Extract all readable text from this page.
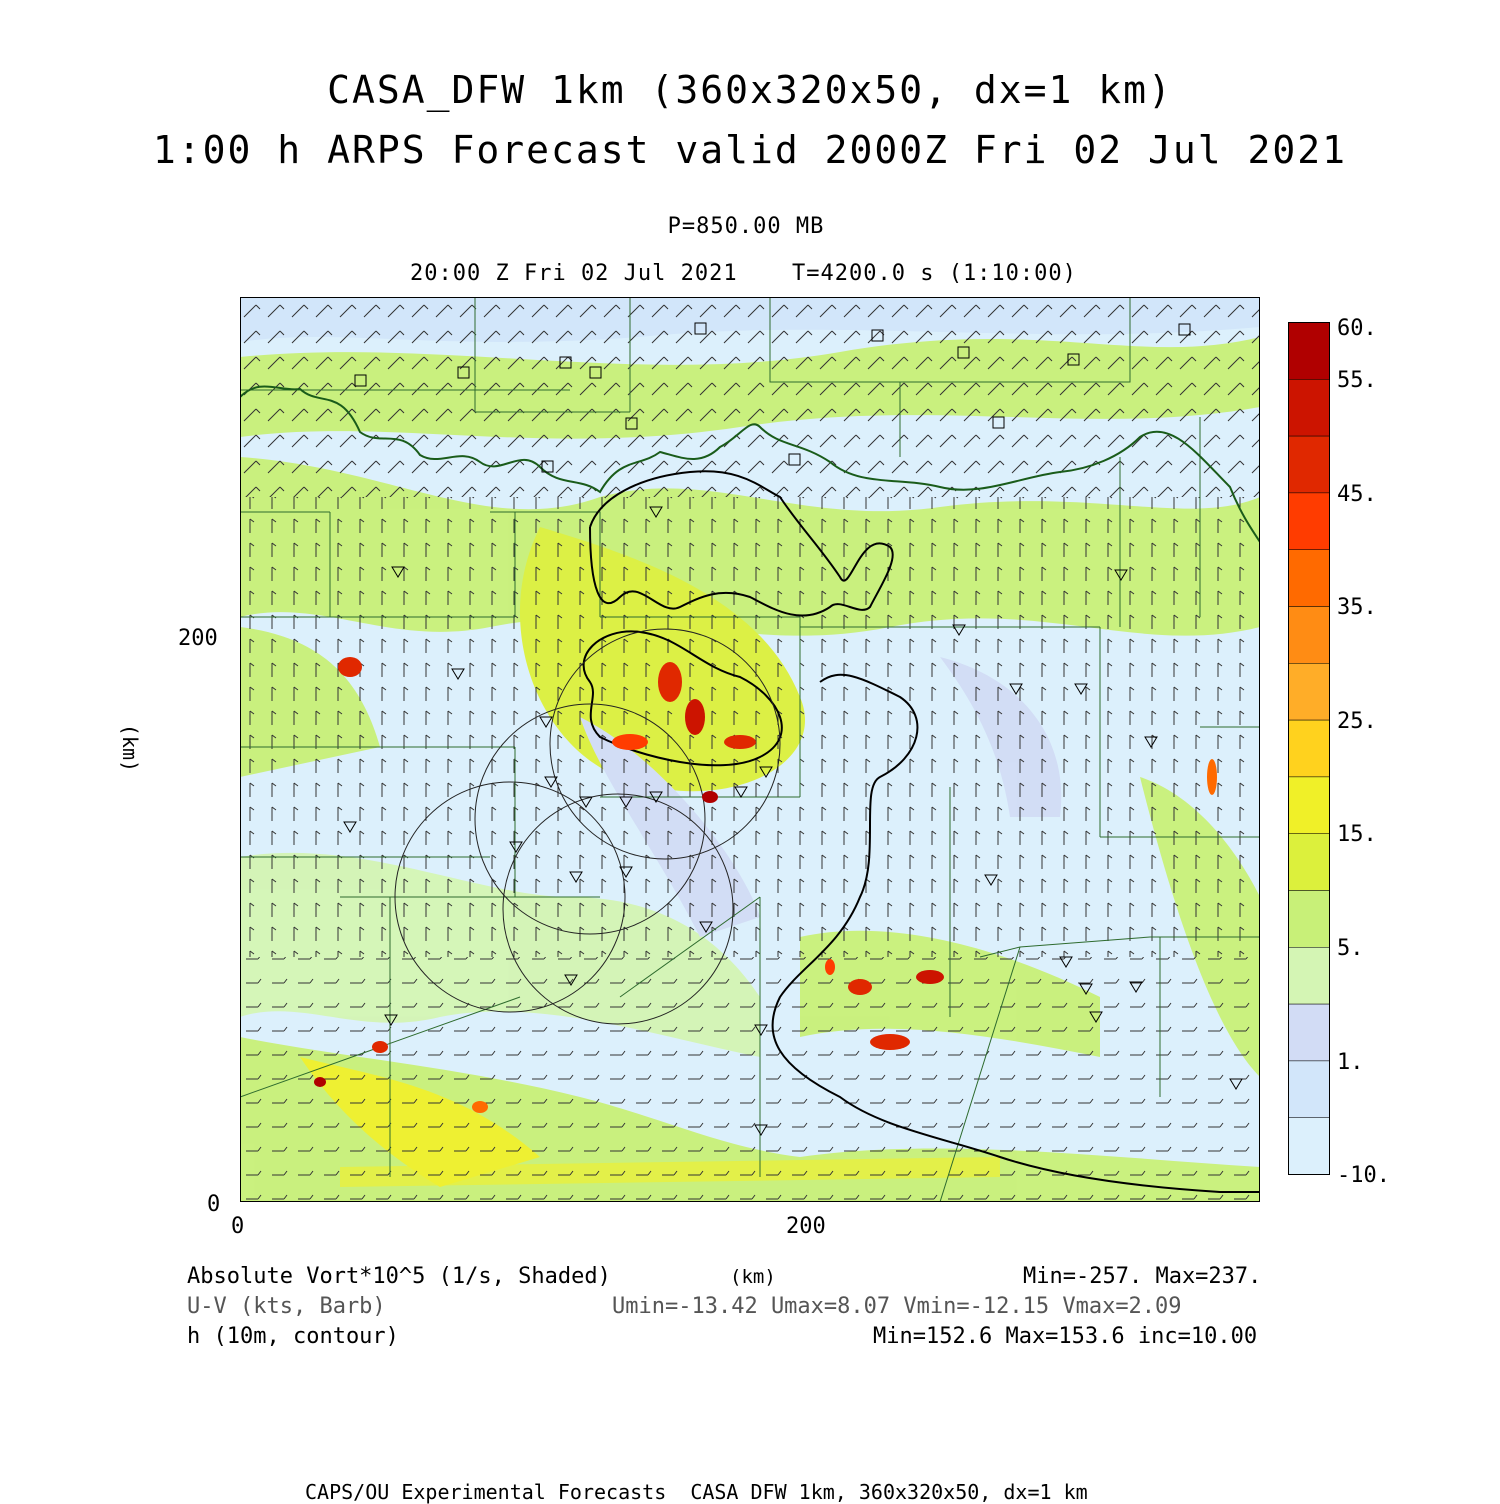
CASA_DFW 1km (360x320x50, dx=1 km)
1:00 h ARPS Forecast valid 2000Z Fri 02 Jul 2021
P=850.00 MB
20:00 Z Fri 02 Jul 2021 T=4200.0 s (1:10:00)
(km)
200
0
0	200
60.
55.
45.
35.
25.
15.
5.
1.
-10.
Absolute Vort*10^5 (1/s, Shaded)	(km)	Min=-257. Max=237.
U-V (kts, Barb)	Umin=-13.42 Umax=8.07 Vmin=-12.15 Vmax=2.09
h (10m, contour)	Min=152.6 Max=153.6 inc=10.00
CAPS/OU Experimental Forecasts  CASA DFW 1km, 360x320x50, dx=1 km
